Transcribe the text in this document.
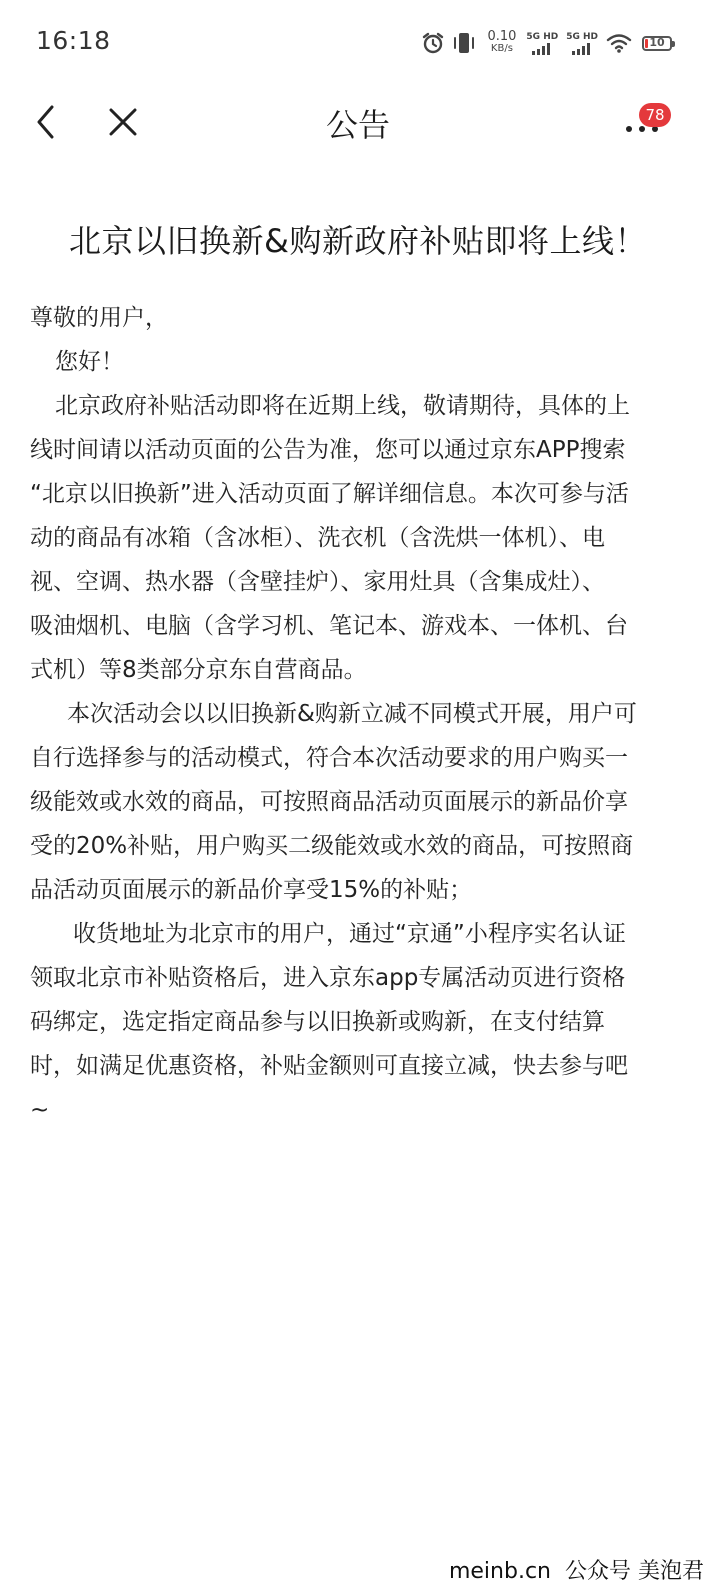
16:18	0.10
KB/s
5G HD 5G HD	10
公告	78
北京以旧换新&购新政府补贴即将上线！
尊敬的用户，
您好！
北京政府补贴活动即将在近期上线，敬请期待，具体的上
线时间请以活动页面的公告为准，您可以通过京东APP搜索
“北京以旧换新”进入活动页面了解详细信息。本次可参与活
动的商品有冰箱（含冰柜）、洗衣机（含洗烘一体机）、电
视、空调、热水器（含壁挂炉）、家用灶具（含集成灶）、
吸油烟机、电脑（含学习机、笔记本、游戏本、一体机、台
式机）等8类部分京东自营商品。
本次活动会以以旧换新&购新立减不同模式开展，用户可
自行选择参与的活动模式，符合本次活动要求的用户购买一
级能效或水效的商品，可按照商品活动页面展示的新品价享
受的20%补贴，用户购买二级能效或水效的商品，可按照商
品活动页面展示的新品价享受15%的补贴；
收货地址为北京市的用户，通过“京通”小程序实名认证
领取北京市补贴资格后，进入京东app专属活动页进行资格
码绑定，选定指定商品参与以旧换新或购新，在支付结算
时，如满足优惠资格，补贴金额则可直接立减，快去参与吧
~
meinb.cn 公众号 美泡君
